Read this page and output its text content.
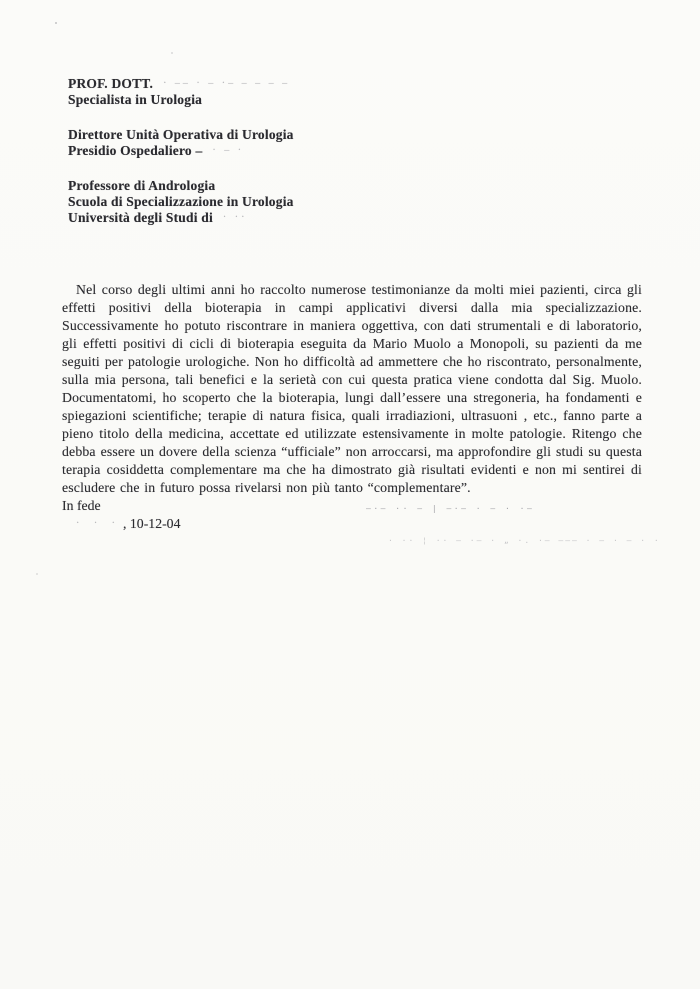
PROF. DOTT. · –– · – ·– – – – –
Specialista in Urologia
Direttore Unità Operativa di Urologia
Presidio Ospedaliero – · – ·
Professore di Andrologia
Scuola di Specializzazione in Urologia
Università degli Studi di · ··

Nel corso degli ultimi anni ho raccolto numerose testimonianze da molti miei pazienti, circa gli effetti positivi della bioterapia in campi applicativi diversi dalla mia specializzazione. Successivamente ho potuto riscontrare in maniera oggettiva, con dati strumentali e di laboratorio, gli effetti positivi di cicli di bioterapia eseguita da Mario Muolo a Monopoli, su pazienti da me seguiti per patologie urologiche. Non ho difficoltà ad ammettere che ho riscontrato, personalmente, sulla mia persona, tali benefici e la serietà con cui questa pratica viene condotta dal Sig. Muolo. Documentatomi, ho scoperto che la bioterapia, lungi dall’essere una stregoneria, ha fondamenti e spiegazioni scientifiche; terapie di natura fisica, quali irradiazioni, ultrasuoni , etc., fanno parte a pieno titolo della medicina, accettate ed utilizzate estensivamente in molte patologie. Ritengo che debba essere un dovere della scienza “ufficiale” non arroccarsi, ma approfondire gli studi su questa terapia cosiddetta complementare ma che ha dimostrato già risultati evidenti e non mi sentirei di escludere che in futuro possa rivelarsi non più tanto “complementare”.

In fede
· · · , 10-12-04
–·– ·· – | –·– · – · ·–
· ·· ¦ ·· – ·– · „ ·. ·– ––– · – · – · ·
